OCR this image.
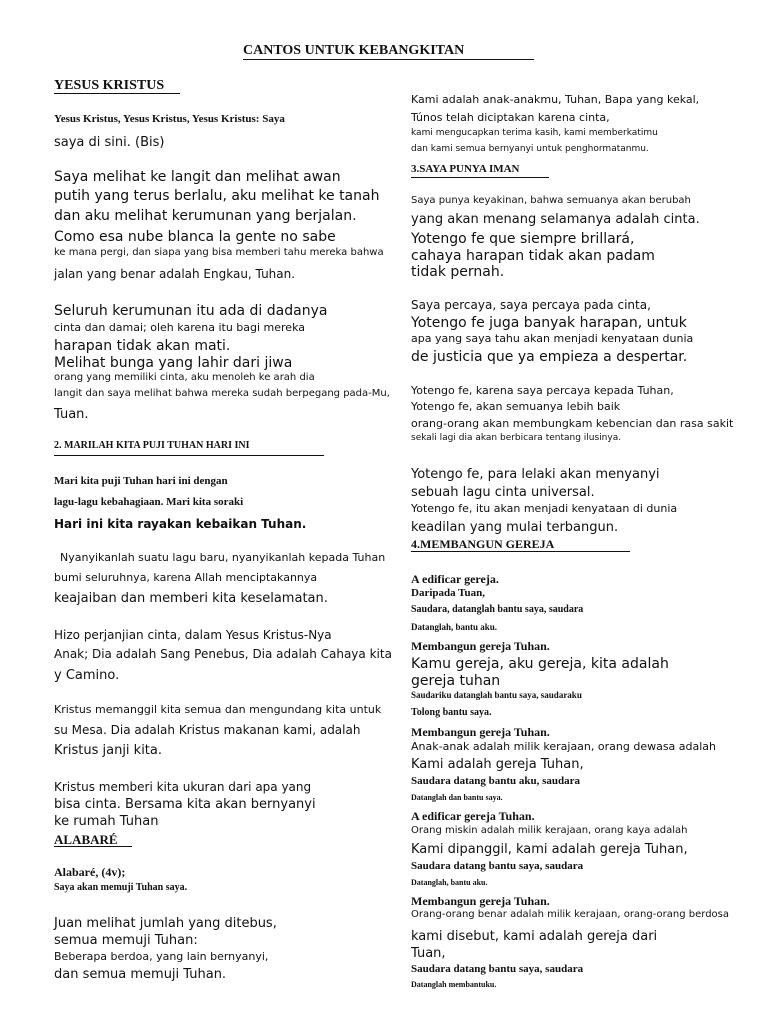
CANTOS UNTUK KEBANGKITAN
YESUS KRISTUS
Yesus Kristus, Yesus Kristus, Yesus Kristus: Saya
saya di sini. (Bis)
Saya melihat ke langit dan melihat awan
putih yang terus berlalu, aku melihat ke tanah
dan aku melihat kerumunan yang berjalan.
Como esa nube blanca la gente no sabe
ke mana pergi, dan siapa yang bisa memberi tahu mereka bahwa
jalan yang benar adalah Engkau, Tuhan.
Seluruh kerumunan itu ada di dadanya
cinta dan damai; oleh karena itu bagi mereka
harapan tidak akan mati.
Melihat bunga yang lahir dari jiwa
orang yang memiliki cinta, aku menoleh ke arah dia
langit dan saya melihat bahwa mereka sudah berpegang pada-Mu,
Tuan.
2. MARILAH KITA PUJI TUHAN HARI INI
Mari kita puji Tuhan hari ini dengan
lagu-lagu kebahagiaan. Mari kita soraki
Hari ini kita rayakan kebaikan Tuhan.
Nyanyikanlah suatu lagu baru, nyanyikanlah kepada Tuhan
bumi seluruhnya, karena Allah menciptakannya
keajaiban dan memberi kita keselamatan.
Hizo perjanjian cinta, dalam Yesus Kristus-Nya
Anak; Dia adalah Sang Penebus, Dia adalah Cahaya kita
y Camino.
Kristus memanggil kita semua dan mengundang kita untuk
su Mesa. Dia adalah Kristus makanan kami, adalah
Kristus janji kita.
Kristus memberi kita ukuran dari apa yang
bisa cinta. Bersama kita akan bernyanyi
ke rumah Tuhan
ALABARÉ
Alabaré, (4v);
Saya akan memuji Tuhan saya.
Juan melihat jumlah yang ditebus,
semua memuji Tuhan:
Beberapa berdoa, yang lain bernyanyi,
dan semua memuji Tuhan.
Kami adalah anak-anakmu, Tuhan, Bapa yang kekal,
Túnos telah diciptakan karena cinta,
kami mengucapkan terima kasih, kami memberkatimu
dan kami semua bernyanyi untuk penghormatanmu.
3.SAYA PUNYA IMAN
Saya punya keyakinan, bahwa semuanya akan berubah
yang akan menang selamanya adalah cinta.
Yotengo fe que siempre brillará,
cahaya harapan tidak akan padam
tidak pernah.
Saya percaya, saya percaya pada cinta,
Yotengo fe juga banyak harapan, untuk
apa yang saya tahu akan menjadi kenyataan dunia
de justicia que ya empieza a despertar.
Yotengo fe, karena saya percaya kepada Tuhan,
Yotengo fe, akan semuanya lebih baik
orang-orang akan membungkam kebencian dan rasa sakit
sekali lagi dia akan berbicara tentang ilusinya.
Yotengo fe, para lelaki akan menyanyi
sebuah lagu cinta universal.
Yotengo fe, itu akan menjadi kenyataan di dunia
keadilan yang mulai terbangun.
4.MEMBANGUN GEREJA
A edificar gereja.
Daripada Tuan,
Saudara, datanglah bantu saya, saudara
Datanglah, bantu aku.
Membangun gereja Tuhan.
Kamu gereja, aku gereja, kita adalah
gereja tuhan
Saudariku datanglah bantu saya, saudaraku
Tolong bantu saya.
Membangun gereja Tuhan.
Anak-anak adalah milik kerajaan, orang dewasa adalah
Kami adalah gereja Tuhan,
Saudara datang bantu aku, saudara
Datanglah dan bantu saya.
A edificar gereja Tuhan.
Orang miskin adalah milik kerajaan, orang kaya adalah
Kami dipanggil, kami adalah gereja Tuhan,
Saudara datang bantu saya, saudara
Datanglah, bantu aku.
Membangun gereja Tuhan.
Orang-orang benar adalah milik kerajaan, orang-orang berdosa
kami disebut, kami adalah gereja dari
Tuan,
Saudara datang bantu saya, saudara
Datanglah membantuku.
